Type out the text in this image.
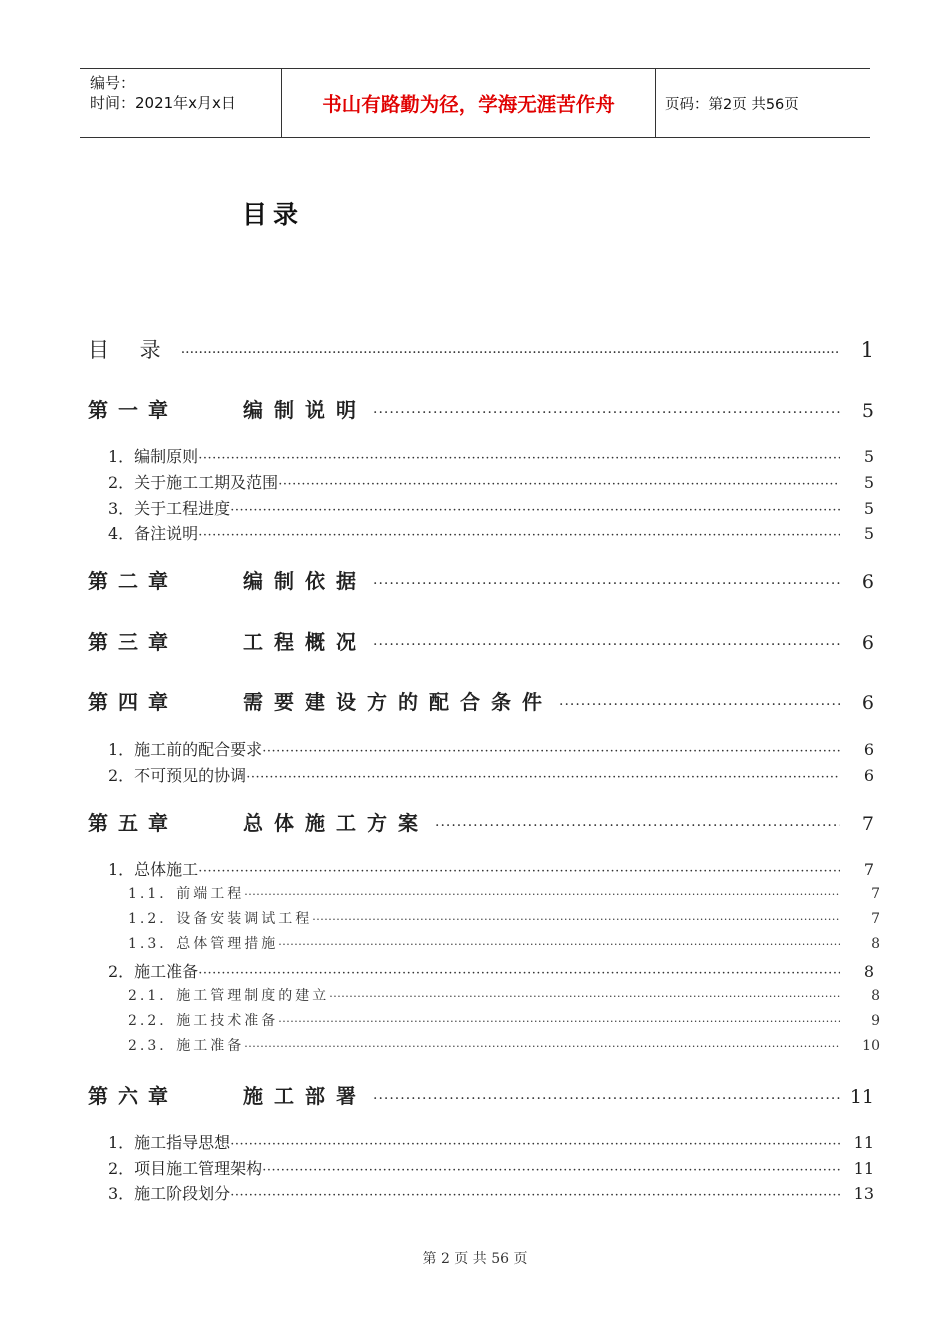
编号：
时间：2021年x月x日	书山有路勤为径，学海无涯苦作舟	页码：第2页 共56页
目录
目 录 ·····	1
第一章	编制说明 ·····	5
1．编制原则 ·····	5
2．关于施工工期及范围 ·····	5
3．关于工程进度 ·····	5
4．备注说明 ·····	5
第二章	编制依据 ·····	6
第三章	工程概况 ·····	6
第四章	需要建设方的配合条件 ·····	6
1．施工前的配合要求 ·····	6
2．不可预见的协调 ·····	6
第五章	总体施工方案 ·····	7
1．总体施工 ·····	7
1.1．前端工程 ·····	7
1.2．设备安装调试工程 ·····	7
1.3．总体管理措施 ·····	8
2．施工准备 ·····	8
2.1．施工管理制度的建立 ·····	8
2.2．施工技术准备 ·····	9
2.3．施工准备 ·····	10
第六章	施工部署 ·····	11
1．施工指导思想 ·····	11
2．项目施工管理架构 ·····	11
3．施工阶段划分 ·····	13
第 2 页 共 56 页
